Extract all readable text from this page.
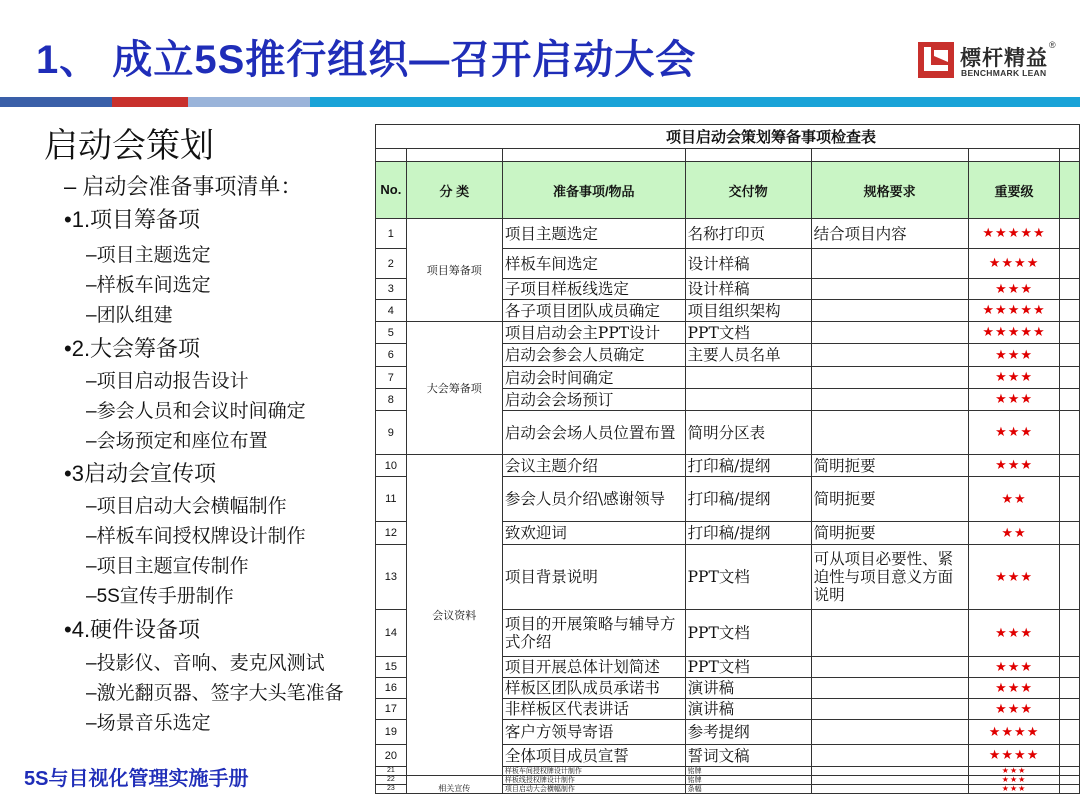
1、 成立5S推行组织—召开启动大会	標杆精益
®
BENCHMARK LEAN
启动会策划
– 启动会准备事项清单：
•1.项目筹备项
–项目主题选定
–样板车间选定
–团队组建
•2.大会筹备项
–项目启动报告设计
–参会人员和会议时间确定
–会场预定和座位布置
•3启动会宣传项
–项目启动大会横幅制作
–样板车间授权牌设计制作
–项目主题宣传制作
–5S宣传手册制作
•4.硬件设备项
–投影仪、音响、麦克风测试
–激光翻页器、签字大头笔准备
–场景音乐选定
5S与目视化管理实施手册
项目启动会策划筹备事项检查表						

No.	分 类	准备事项/物品	交付物	规格要求	重要级	
1	项目筹备项	项目主题选定	名称打印页	结合项目内容	★★★★★	
2		样板车间选定	设计样稿		★★★★	
3		子项目样板线选定	设计样稿		★★★	
4		各子项目团队成员确定	项目组织架构		★★★★★	
5	大会筹备项	项目启动会主PPT设计	PPT文档		★★★★★	
6		启动会参会人员确定	主要人员名单		★★★	
7		启动会时间确定			★★★	
8		启动会会场预订			★★★	
9		启动会会场人员位置布置	简明分区表		★★★	
10	会议资料	会议主题介绍	打印稿/提纲	简明扼要	★★★	
11		参会人员介绍\感谢领导	打印稿/提纲	简明扼要	★★	
12		致欢迎词	打印稿/提纲	简明扼要	★★	
13		项目背景说明	PPT文档	可从项目必要性、紧迫性与项目意义方面说明	★★★	
14		项目的开展策略与辅导方式介绍	PPT文档		★★★	
15		项目开展总体计划简述	PPT文档		★★★	
16		样板区团队成员承诺书	演讲稿		★★★	
17		非样板区代表讲话	演讲稿		★★★	
19		客户方领导寄语	参考提纲		★★★★	
20		全体项目成员宣誓	誓词文稿		★★★★	
21		样板车间授权牌设计制作	铭牌		★★★	
22	相关宣传	样板线授权牌设计制作	铭牌		★★★	
23		项目启动大会横幅制作	条幅		★★★	
